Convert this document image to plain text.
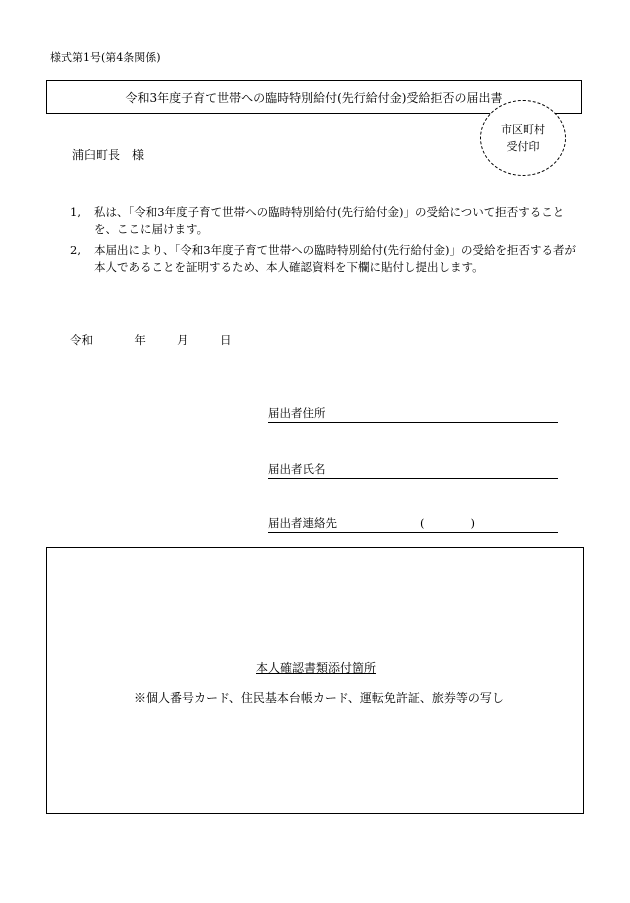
様式第1号(第4条関係)
令和3年度子育て世帯への臨時特別給付(先行給付金)受給拒否の届出書
市区町村
受付印
浦臼町長　様
1,	私は、「令和3年度子育て世帯への臨時特別給付(先行給付金)」の受給について拒否することを、ここに届けます。
2,	本届出により、「令和3年度子育て世帯への臨時特別給付(先行給付金)」の受給を拒否する者が本人であることを証明するため、本人確認資料を下欄に貼付し提出します。
令和	年	月	日
届出者住所
届出者氏名
届出者連絡先	(　　　　)
本人確認書類添付箇所
※個人番号カード、住民基本台帳カード、運転免許証、旅券等の写し
